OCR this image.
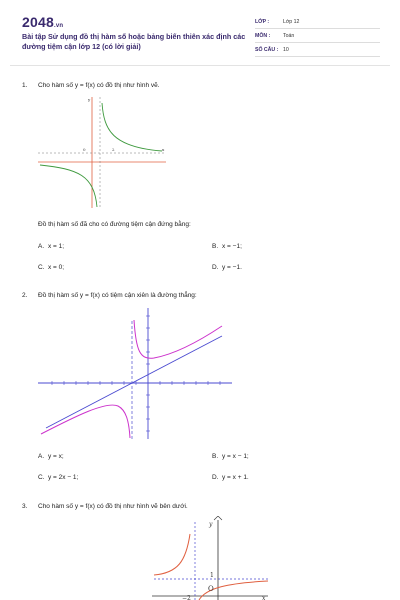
2048.vn
Bài tập Sử dụng đồ thị hàm số hoặc bảng biến thiên xác định các đường tiệm cận lớp 12 (có lời giải)
LỚP :	Lớp 12
MÔN : Toán
SỐ CÂU : 10
1. Cho hàm số y = f(x) có đồ thị như hình vẽ.
y
x
2
0
Đồ thị hàm số đã cho có đường tiệm cận đứng bằng:
A. x = 1;	B. x = −1;
C. x = 0;	D. y = −1.
2. Đồ thị hàm số y = f(x) có tiệm cận xiên là đường thẳng:
A. y = x;	B. y = x − 1;
C. y = 2x − 1;	D. y = x + 1.
3. Cho hàm số y = f(x) có đồ thị như hình vẽ bên dưới.
y
x
O
1
−2
